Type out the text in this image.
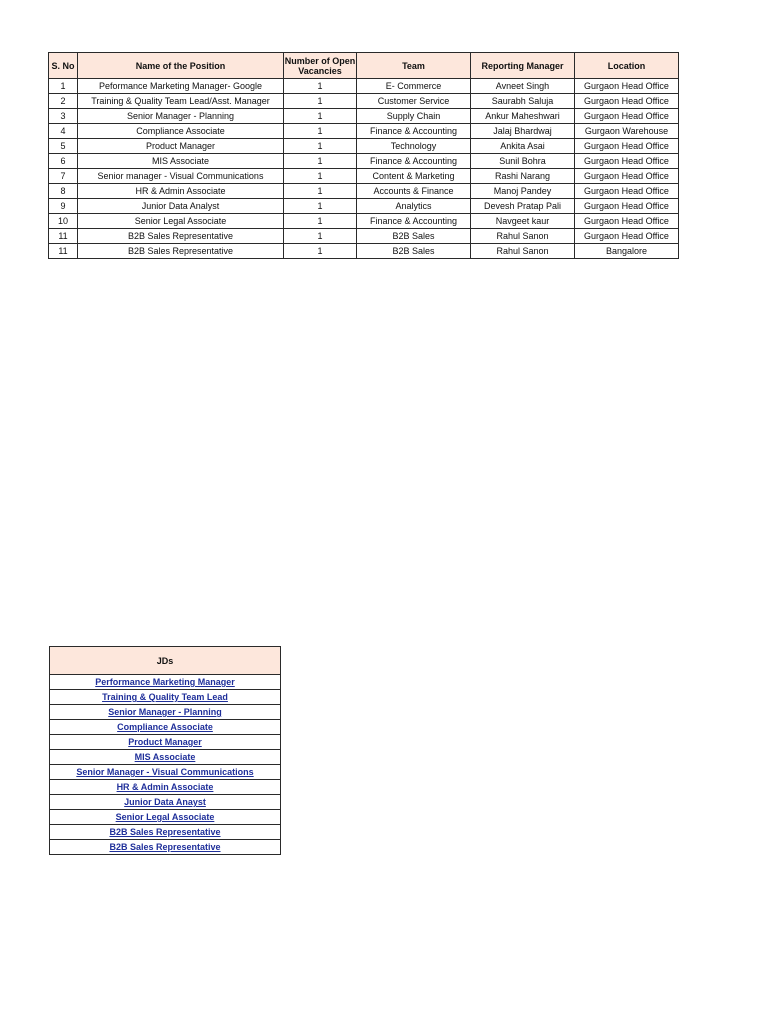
S. No	Name of the Position	Number of Open Vacancies	Team	Reporting Manager	Location
1	Peformance Marketing Manager- Google	1	E- Commerce	Avneet Singh	Gurgaon Head Office
2	Training & Quality Team Lead/Asst. Manager	1	Customer Service	Saurabh Saluja	Gurgaon Head Office
3	Senior Manager - Planning	1	Supply Chain	Ankur Maheshwari	Gurgaon Head Office
4	Compliance Associate	1	Finance & Accounting	Jalaj Bhardwaj	Gurgaon Warehouse
5	Product Manager	1	Technology	Ankita Asai	Gurgaon Head Office
6	MIS Associate	1	Finance & Accounting	Sunil Bohra	Gurgaon Head Office
7	Senior manager - Visual Communications	1	Content & Marketing	Rashi Narang	Gurgaon Head Office
8	HR & Admin Associate	1	Accounts & Finance	Manoj Pandey	Gurgaon Head Office
9	Junior Data Analyst	1	Analytics	Devesh Pratap Pali	Gurgaon Head Office
10	Senior Legal Associate	1	Finance & Accounting	Navgeet kaur	Gurgaon Head Office
11	B2B Sales Representative	1	B2B Sales	Rahul Sanon	Gurgaon Head Office
11	B2B Sales Representative	1	B2B Sales	Rahul Sanon	Bangalore
JDs
Performance Marketing Manager
Training & Quality Team Lead
Senior Manager - Planning
Compliance Associate
Product Manager
MIS Associate
Senior Manager - Visual Communications
HR & Admin Associate
Junior Data Anayst
Senior Legal Associate
B2B Sales Representative
B2B Sales Representative
